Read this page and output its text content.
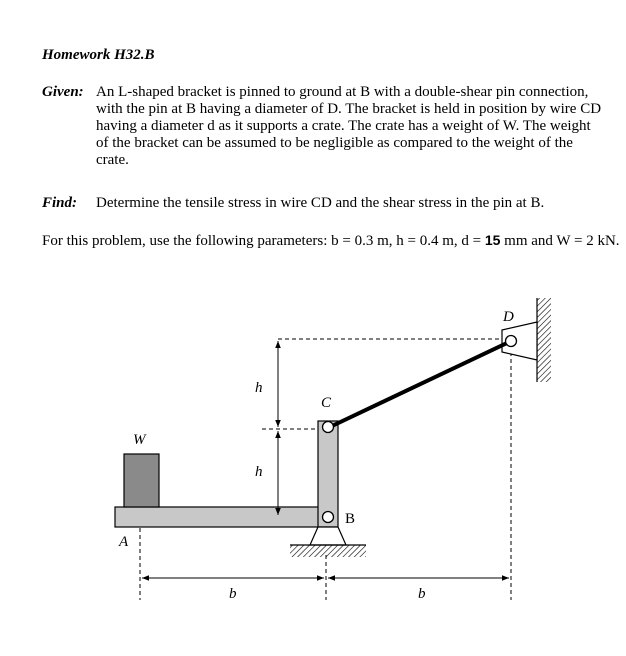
Homework H32.B
Given: An L-shaped bracket is pinned to ground at B with a double-shear pin connection, with the pin at B having a diameter of D. The bracket is held in position by wire CD having a diameter d as it supports a crate. The crate has a weight of W. The weight of the bracket can be assumed to be negligible as compared to the weight of the crate.
Find: Determine the tensile stress in wire CD and the shear stress in the pin at B.
For this problem, use the following parameters: b = 0.3 m, h = 0.4 m, d = 15 mm and W = 2 kN.
h
h
C
D
B
W
A
b	b
